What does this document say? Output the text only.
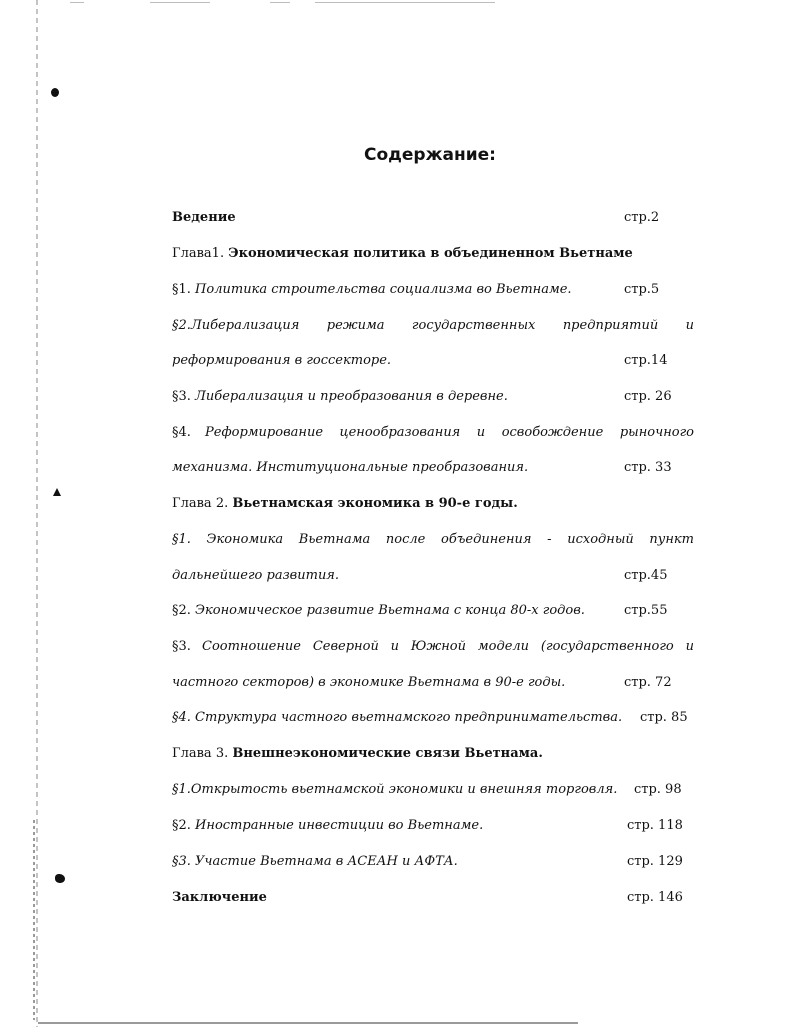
Содержание:
Ведение	стр.2
Глава1. Экономическая политика в объединенном Вьетнаме
§1. Политика строительства социализма во Вьетнаме.	стр.5
§2.Либерализация режима государственных предприятий и
реформирования в госсекторе.	стр.14
§3. Либерализация и преобразования в деревне.	стр. 26
§4. Реформирование ценообразования и освобождение рыночного
механизма. Институциональные преобразования.	стр. 33
Глава 2. Вьетнамская экономика в 90-е годы.
§1. Экономика Вьетнама после объединения - исходный пункт
дальнейшего развития.	стр.45
§2. Экономическое развитие Вьетнама с конца 80-х годов.	стр.55
§3. Соотношение Северной и Южной модели (государственного и
частного секторов) в экономике Вьетнама в 90-е годы.	стр. 72
§4. Структура частного вьетнамского предпринимательства. стр. 85
Глава 3. Внешнеэкономические связи Вьетнама.
§1.Открытость вьетнамской экономики и внешняя торговля. стр. 98
§2. Иностранные инвестиции во Вьетнаме.	стр. 118
§3. Участие Вьетнама в АСЕАН и АФТА.	стр. 129
Заключение	стр. 146
